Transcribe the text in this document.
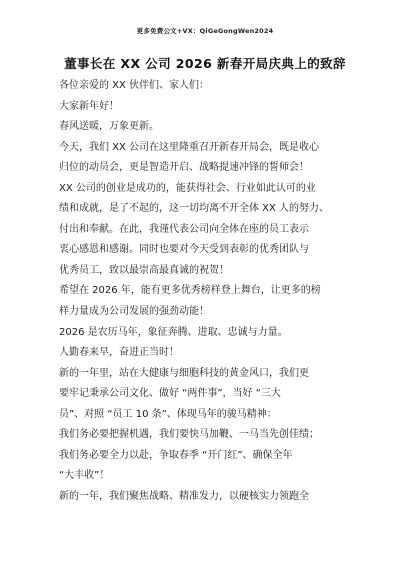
更多免费公文+VX：QiGeGongWen2024
董事长在 XX 公司 2026 新春开局庆典上的致辞
各位亲爱的 XX 伙伴们、家人们：
大家新年好！
春风送暖，万象更新。
今天，我们 XX 公司在这里隆重召开新春开局会，既是收心
归位的动员会，更是智造开启、战略提速冲锋的誓师会！
XX 公司的创业是成功的，能获得社会、行业如此认可的业
绩和成就，是了不起的，这一切均离不开全体 XX 人的努力、
付出和奉献。在此，我谨代表公司向全体在座的员工表示
衷心感恩和感谢。同时也要对今天受到表彰的优秀团队与
优秀员工，致以最崇高最真诚的祝贺！
希望在 2026 年，能有更多优秀榜样登上舞台，让更多的榜
样力量成为公司发展的强劲动能！
2026 是农历马年，象征奔腾、进取、忠诚与力量。
人勤春来早，奋进正当时！
新的一年里，站在大健康与细胞科技的黄金风口，我们更
要牢记秉承公司文化、做好 “两件事”，当好 “三大
员”、对照 “员工 10 条”、体现马年的骏马精神：
我们务必要把握机遇，我们要快马加鞭、一马当先创佳绩；
我们务必要全力以赴，争取春季 “开门红”、确保全年
“大丰收”！
新的一年，我们聚焦战略、精准发力，以硬核实力领跑全
